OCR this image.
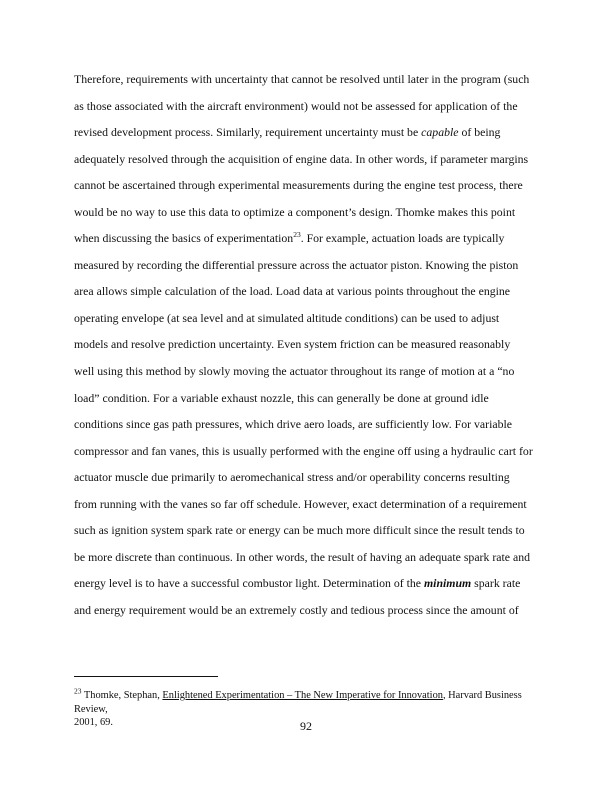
Therefore, requirements with uncertainty that cannot be resolved until later in the program (such
as those associated with the aircraft environment) would not be assessed for application of the
revised development process. Similarly, requirement uncertainty must be capable of being
adequately resolved through the acquisition of engine data. In other words, if parameter margins
cannot be ascertained through experimental measurements during the engine test process, there
would be no way to use this data to optimize a component’s design. Thomke makes this point
when discussing the basics of experimentation$^{23}$. For example, actuation loads are typically
measured by recording the differential pressure across the actuator piston. Knowing the piston
area allows simple calculation of the load. Load data at various points throughout the engine
operating envelope (at sea level and at simulated altitude conditions) can be used to adjust
models and resolve prediction uncertainty. Even system friction can be measured reasonably
well using this method by slowly moving the actuator throughout its range of motion at a “no
load” condition. For a variable exhaust nozzle, this can generally be done at ground idle
conditions since gas path pressures, which drive aero loads, are sufficiently low. For variable
compressor and fan vanes, this is usually performed with the engine off using a hydraulic cart for
actuator muscle due primarily to aeromechanical stress and/or operability concerns resulting
from running with the vanes so far off schedule. However, exact determination of a requirement
such as ignition system spark rate or energy can be much more difficult since the result tends to
be more discrete than continuous. In other words, the result of having an adequate spark rate and
energy level is to have a successful combustor light. Determination of the minimum spark rate
and energy requirement would be an extremely costly and tedious process since the amount of
$^{23}$ Thomke, Stephan, Enlightened Experimentation – The New Imperative for Innovation, Harvard Business Review,
2001, 69.	92
